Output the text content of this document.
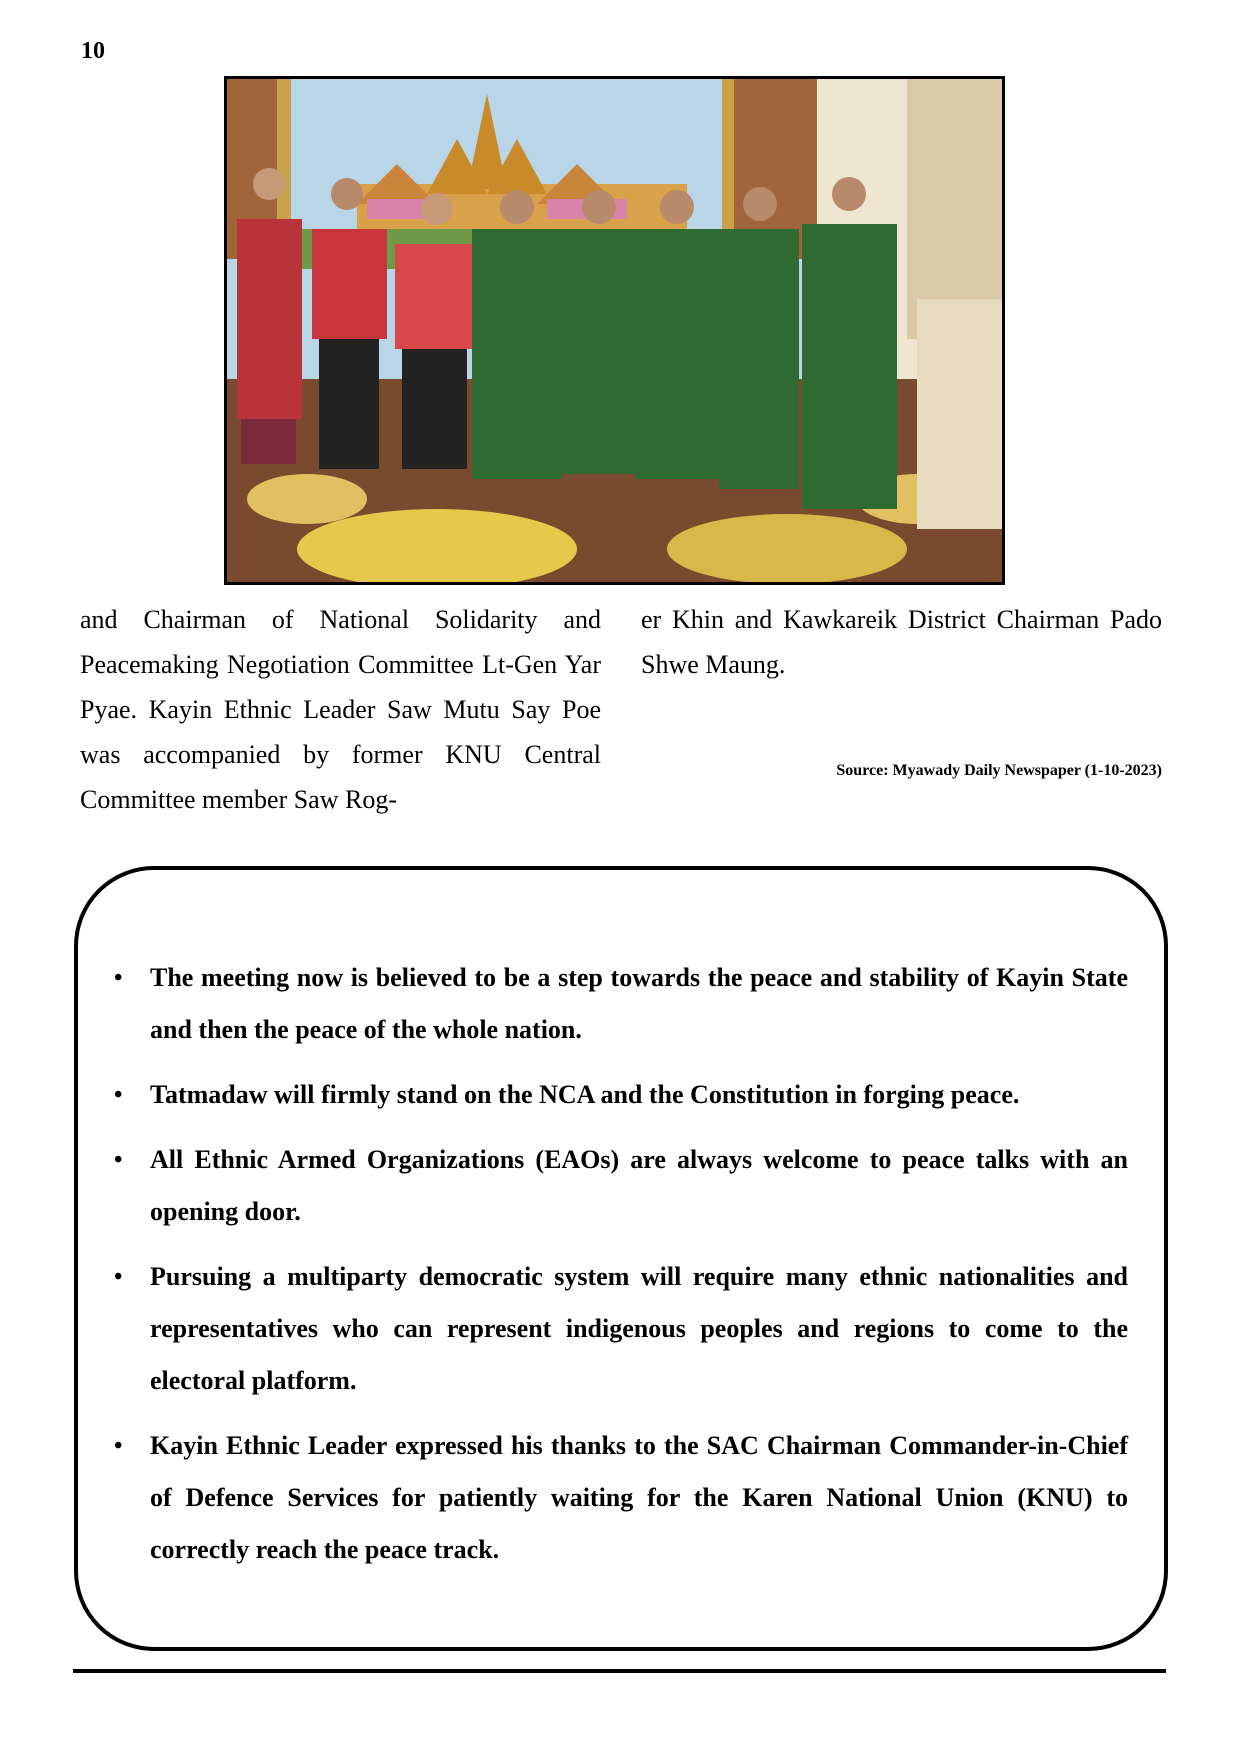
10
and Chairman of National Solidarity and Peacemaking Negotiation Committee Lt-Gen Yar Pyae. Kayin Ethnic Leader Saw Mutu Say Poe was accompanied by former KNU Central Committee member Saw Rog-
er Khin and Kawkareik District Chairman Pado Shwe Maung.
Source: Myawady Daily Newspaper (1-10-2023)
• The meeting now is believed to be a step towards the peace and stability of Kayin State and then the peace of the whole nation.
• Tatmadaw will firmly stand on the NCA and the Constitution in forging peace.
• All Ethnic Armed Organizations (EAOs) are always welcome to peace talks with an opening door.
• Pursuing a multiparty democratic system will require many ethnic nationalities and representatives who can represent indigenous peoples and regions to come to the electoral platform.
• Kayin Ethnic Leader expressed his thanks to the SAC Chairman Commander-in-Chief of Defence Services for patiently waiting for the Karen National Union (KNU) to correctly reach the peace track.
